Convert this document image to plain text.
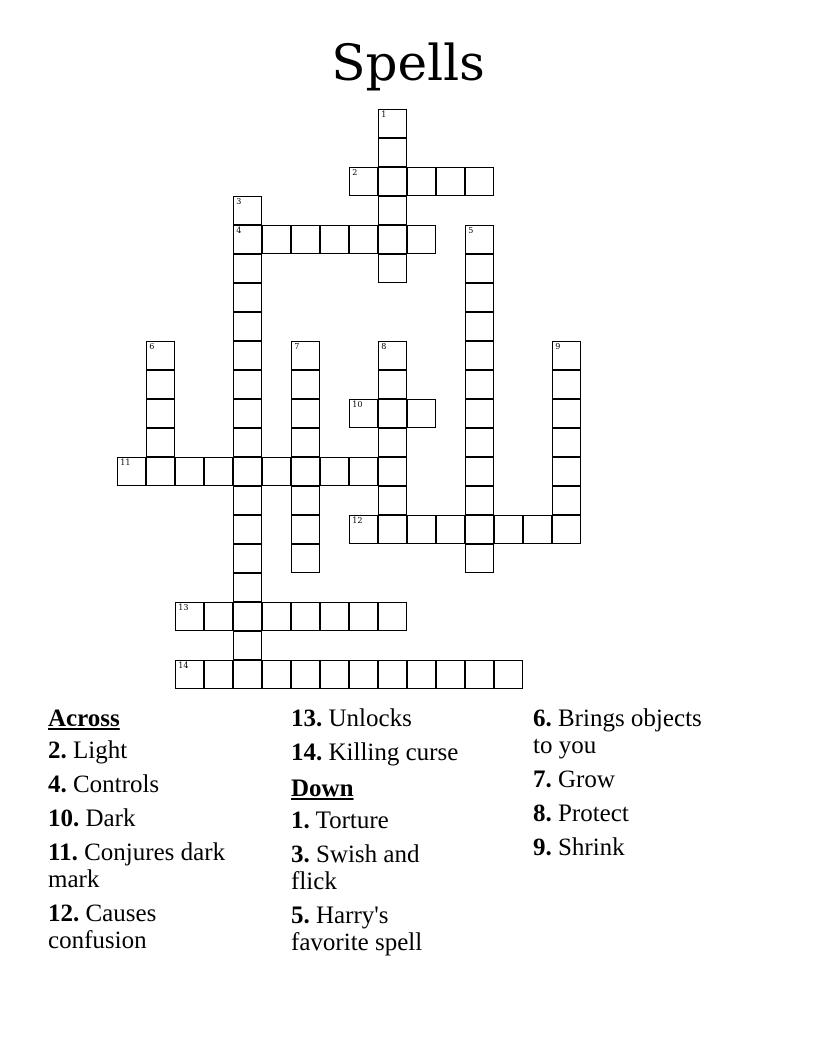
Spells
1
2
3
4	5
6	7	8	9
10
11
12
13
14
Across
2. Light
4. Controls
10. Dark
11. Conjures dark mark
12. Causes confusion
13. Unlocks
14. Killing curse
Down
1. Torture
3. Swish and flick
5. Harry's favorite spell
6. Brings objects to you
7. Grow
8. Protect
9. Shrink
